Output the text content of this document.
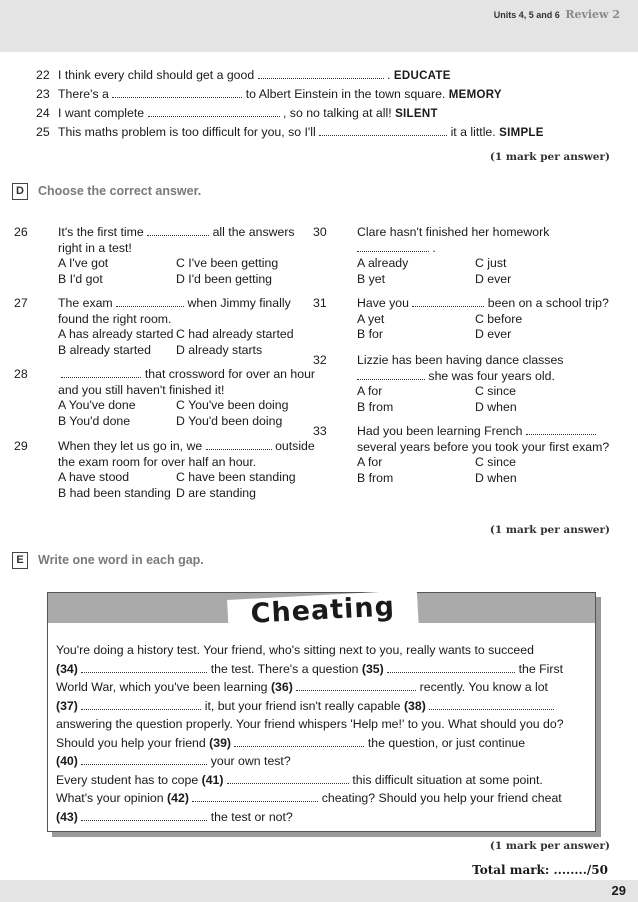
Units 4, 5 and 6 Review 2
22 I think every child should get a good	. EDUCATE
23 There's a	to Albert Einstein in the town square. MEMORY
24 I want complete	, so no talking at all! SILENT
25 This maths problem is too difficult for you, so I'll	it a little. SIMPLE
(1 mark per answer)
D Choose the correct answer.
26 It's the first time	all the answers right in a test!
A I've got	C I've been getting
B I'd got	D I'd been getting
27 The exam	when Jimmy finally found the right room.
A has already started C had already started
B already started	D already starts
28	that crossword for over an hour and you still haven't finished it!
A You've done	C You've been doing
B You'd done	D You'd been doing
29 When they let us go in, we	outside the exam room for over half an hour.
A have stood	C have been standing
B had been standing D are standing
30 Clare hasn't finished her homework
.
A already	C just
B yet	D ever
31 Have you	been on a school trip?
A yet	C before
B for	D ever
32 Lizzie has been having dance classes  she was four years old.
A for	C since
B from	D when
33 Had you been learning French  several years before you took your first exam?
A for	C since
B from	D when
(1 mark per answer)
E Write one word in each gap.
Cheating
You're doing a history test. Your friend, who's sitting next to you, really wants to succeed
(34)	the test. There's a question (35)	the First
World War, which you've been learning (36)	recently. You know a lot
(37)	it, but your friend isn't really capable (38)
answering the question properly. Your friend whispers 'Help me!' to you. What should you do?
Should you help your friend (39)	the question, or just continue
(40)	your own test?
Every student has to cope (41)	this difficult situation at some point.
What's your opinion (42)	cheating? Should you help your friend cheat
(43)	the test or not?
(1 mark per answer)
Total mark: ......../50
29
